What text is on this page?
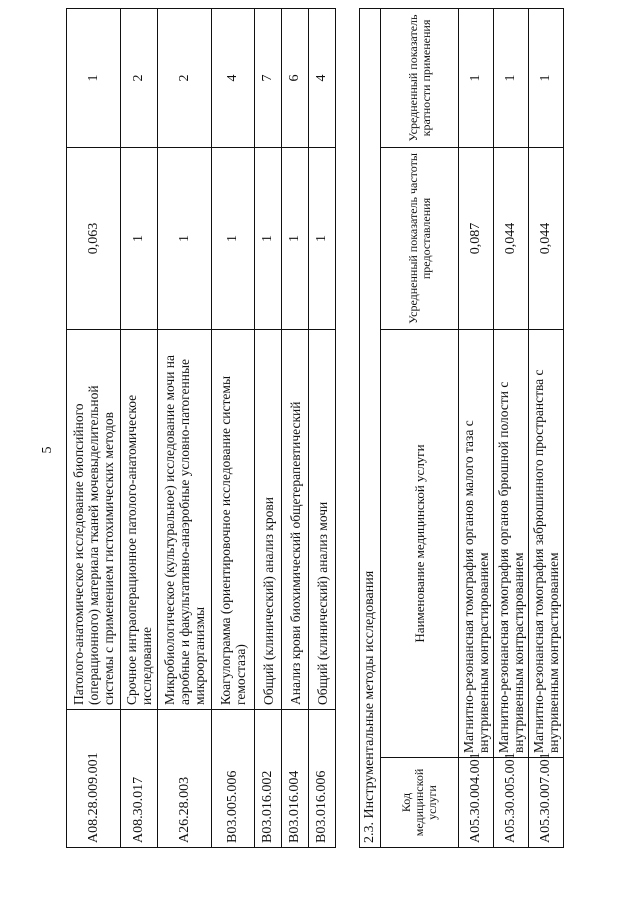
5
A08.28.009.001	Патолого-анатомическое исследование биопсийного (операционного) материала тканей мочевыделительной системы с применением гистохимических методов	0,063	1
A08.30.017	Срочное интраоперационное патолого-анатомическое исследование	1	2
A26.28.003	Микробиологическое (культуральное) исследование мочи на аэробные и факультативно-анаэробные условно-патогенные микроорганизмы	1	2
B03.005.006	Коагулограмма (ориентировочное исследование системы гемостаза)	1	4
B03.016.002	Общий (клинический) анализ крови	1	7
B03.016.004	Анализ крови биохимический общетерапевтический	1	6
B03.016.006	Общий (клинический) анализ мочи	1	4
2.3. Инструментальные методы исследования			
Код медицинской услуги	Наименование медицинской услуги	Усредненный показатель частоты предоставления	Усредненный показатель кратности применения
A05.30.004.001	Магнитно-резонансная томография органов малого таза с внутривенным контрастированием	0,087	1
A05.30.005.001	Магнитно-резонансная томография органов брюшной полости с внутривенным контрастированием	0,044	1
A05.30.007.001	Магнитно-резонансная томография забрюшинного пространства с внутривенным контрастированием	0,044	1
